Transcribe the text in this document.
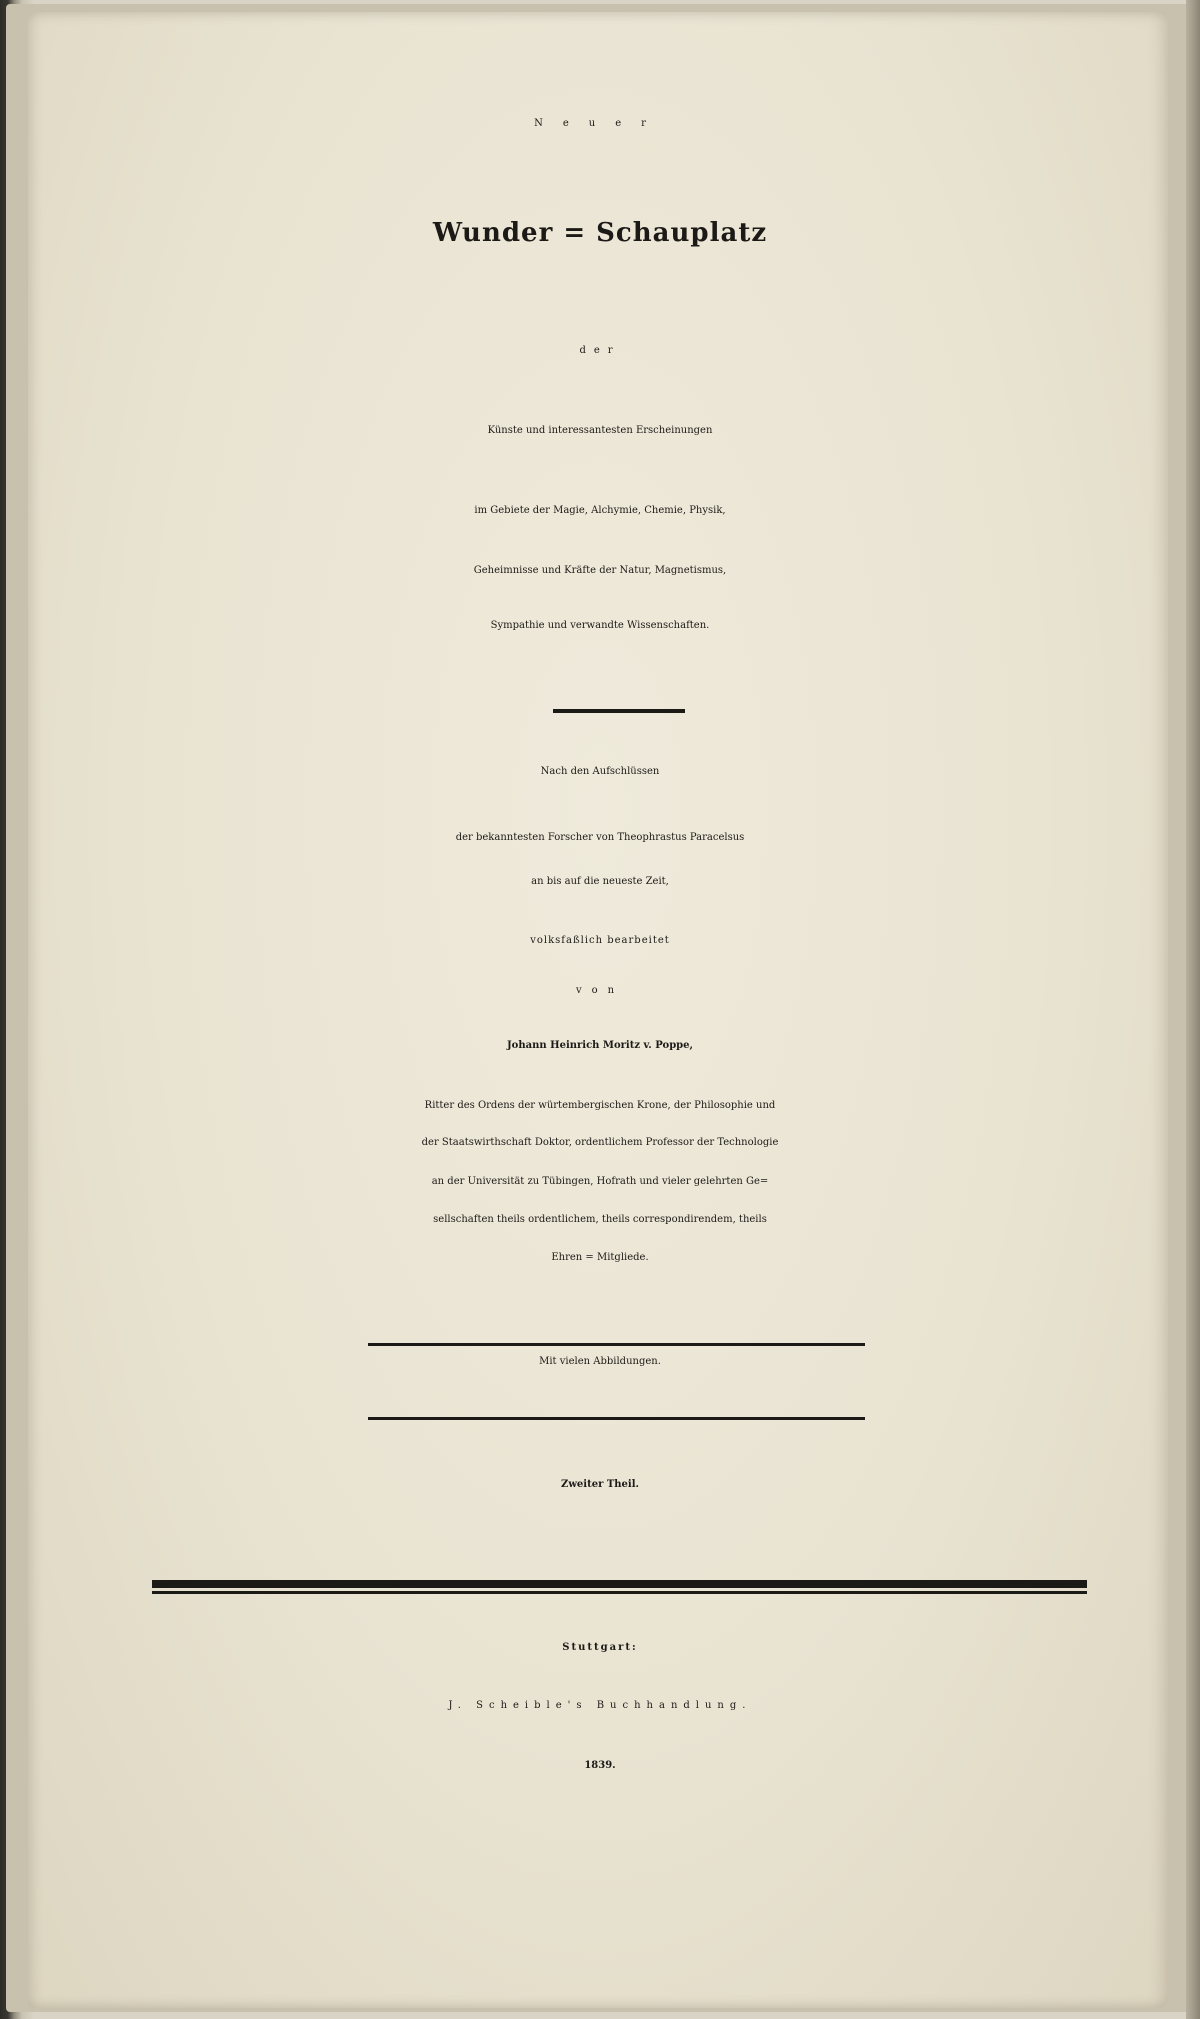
Neuer
Wunder = Schauplatz
der
Künste und interessantesten Erscheinungen
im Gebiete der Magie, Alchymie, Chemie, Physik,
Geheimnisse und Kräfte der Natur, Magnetismus,
Sympathie und verwandte Wissenschaften.
Nach den Aufschlüssen
der bekanntesten Forscher von Theophrastus Paracelsus
an bis auf die neueste Zeit,
volksfaßlich bearbeitet
von
Johann Heinrich Moritz v. Poppe,
Ritter des Ordens der würtembergischen Krone, der Philosophie und
der Staatswirthschaft Doktor, ordentlichem Professor der Technologie
an der Universität zu Tübingen, Hofrath und vieler gelehrten Ge=
sellschaften theils ordentlichem, theils correspondirendem, theils
Ehren = Mitgliede.
Mit vielen Abbildungen.
Zweiter Theil.
Stuttgart:
J. Scheible's Buchhandlung.
1839.
